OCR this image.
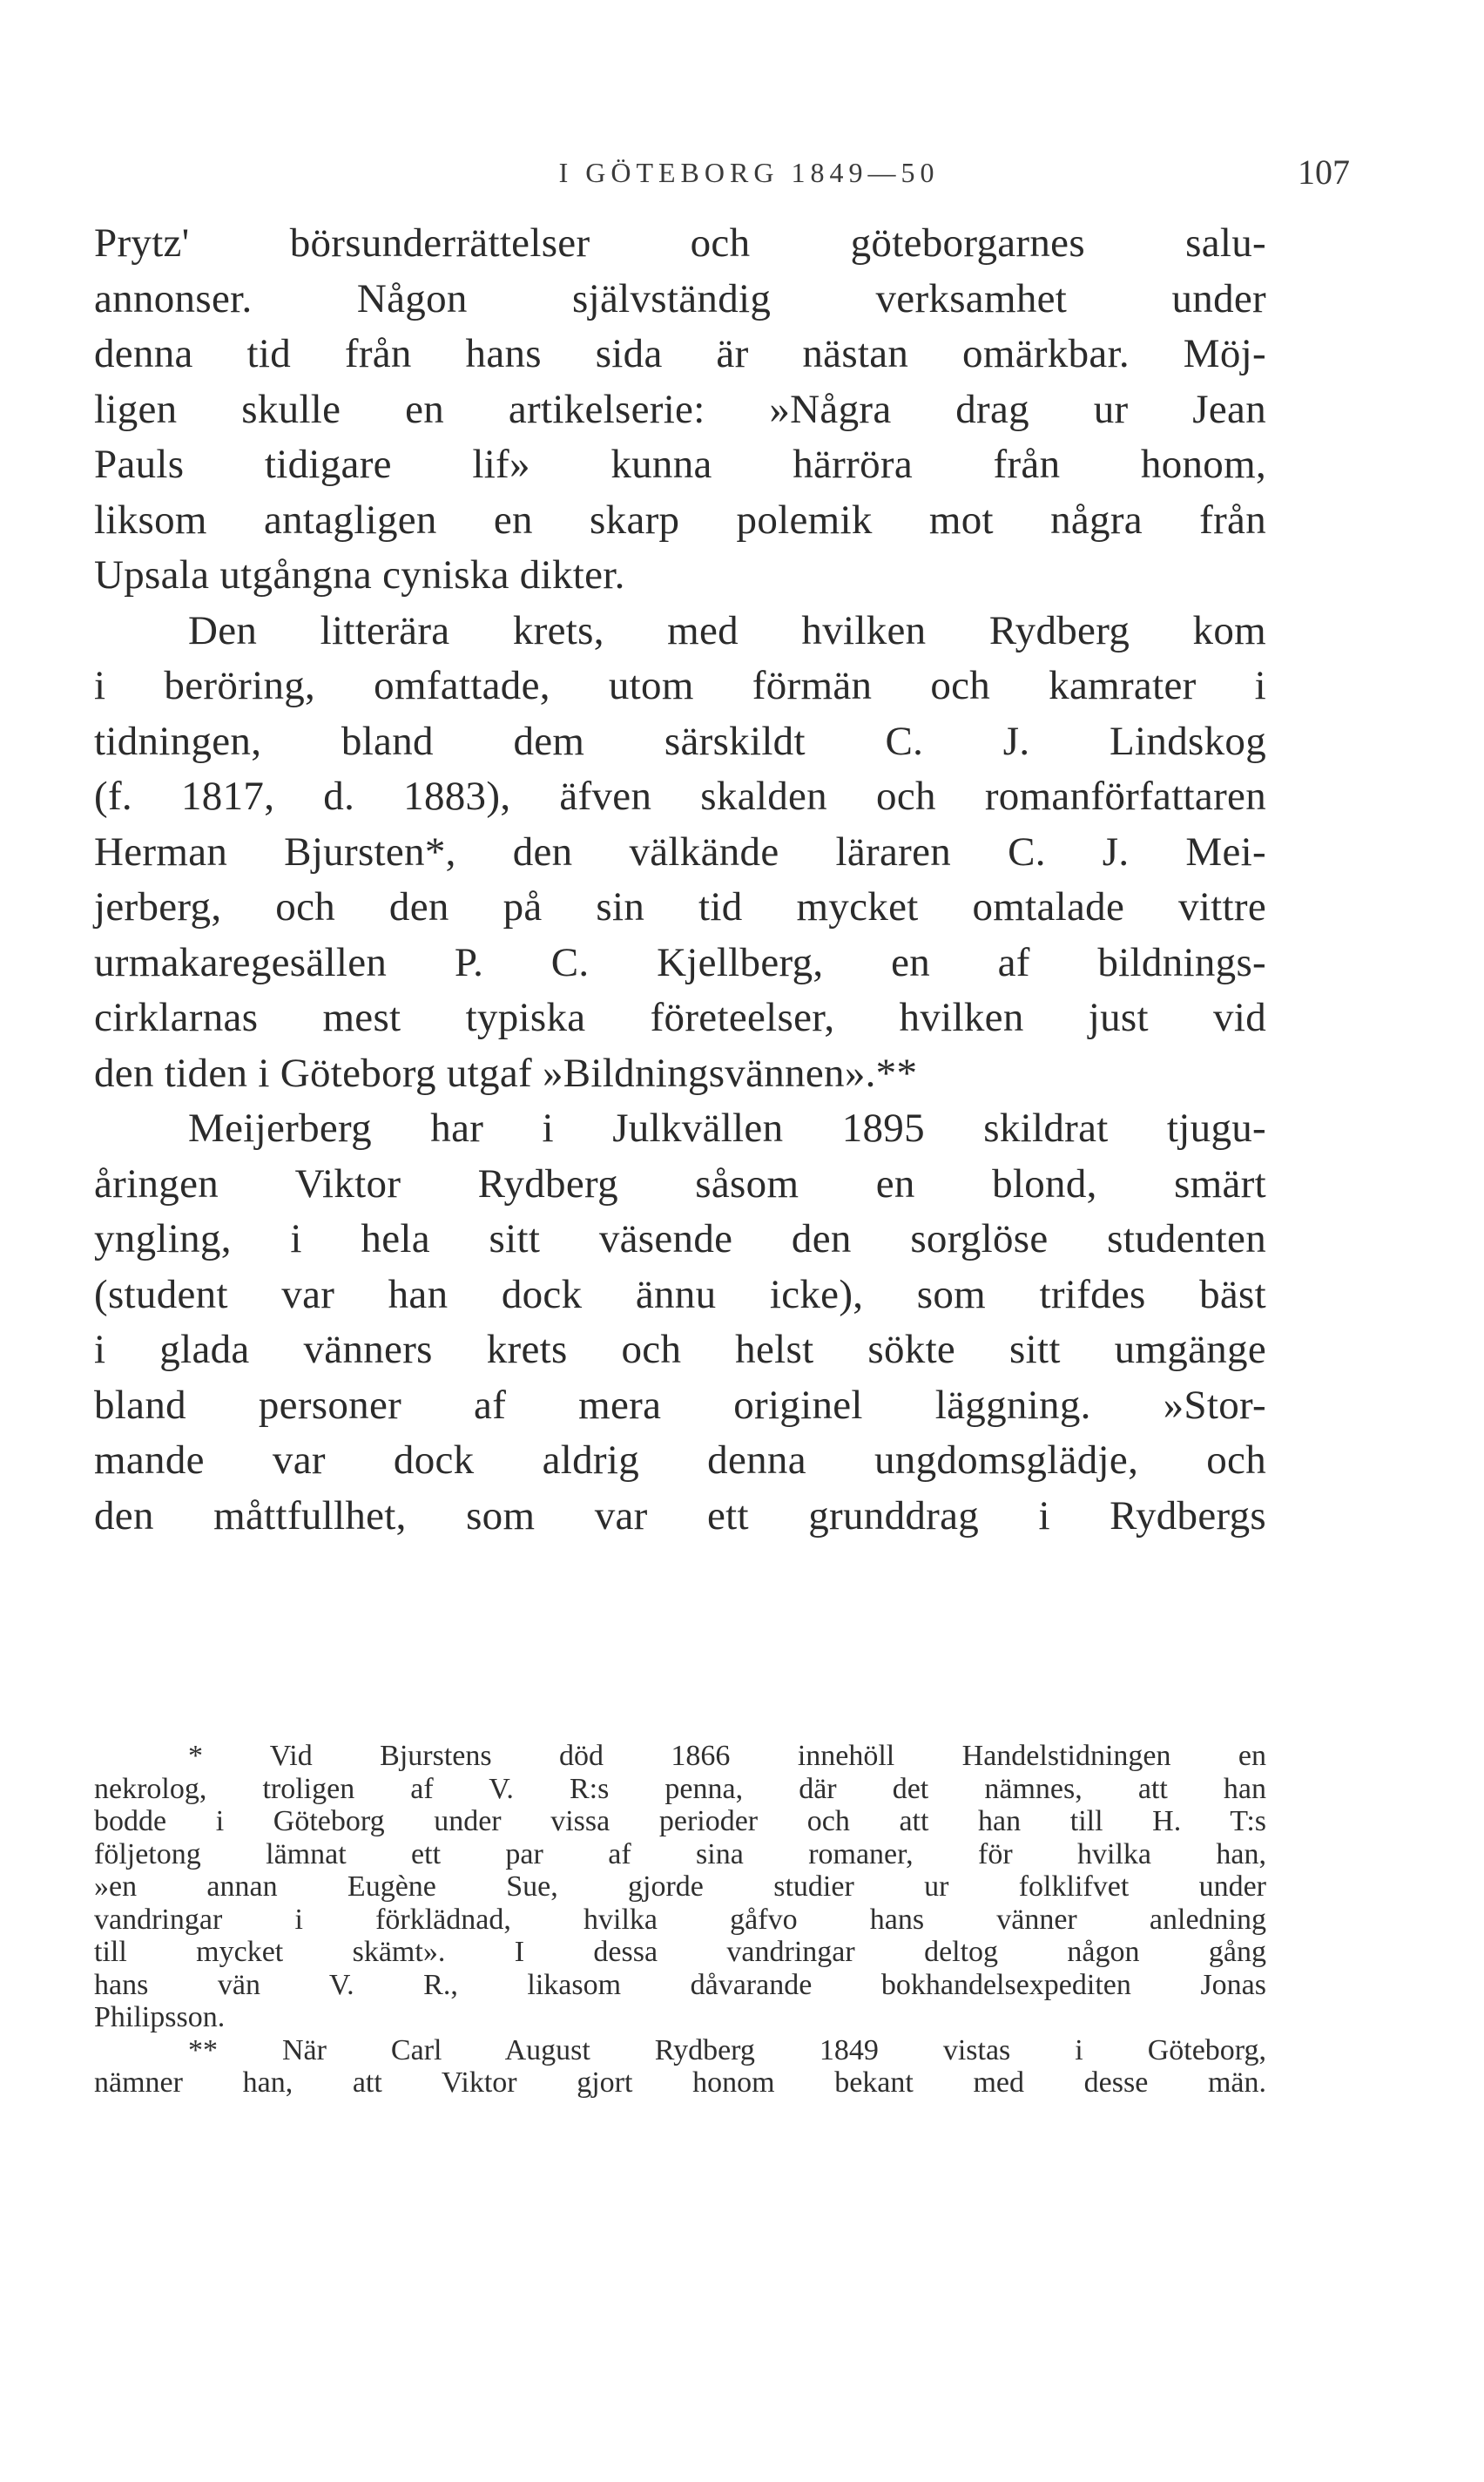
I GÖTEBORG 1849—50	107
Prytz' börsunderrättelser och göteborgarnes salu-
annonser. Någon självständig verksamhet under
denna tid från hans sida är nästan omärkbar. Möj-
ligen skulle en artikelserie: »Några drag ur Jean
Pauls tidigare lif» kunna härröra från honom,
liksom antagligen en skarp polemik mot några från
Upsala utgångna cyniska dikter.
Den litterära krets, med hvilken Rydberg kom
i beröring, omfattade, utom förmän och kamrater i
tidningen, bland dem särskildt C. J. Lindskog
(f. 1817, d. 1883), äfven skalden och romanförfattaren
Herman Bjursten*, den välkände läraren C. J. Mei-
jerberg, och den på sin tid mycket omtalade vittre
urmakaregesällen P. C. Kjellberg, en af bildnings-
cirklarnas mest typiska företeelser, hvilken just vid
den tiden i Göteborg utgaf »Bildningsvännen».**
Meijerberg har i Julkvällen 1895 skildrat tjugu-
åringen Viktor Rydberg såsom en blond, smärt
yngling, i hela sitt väsende den sorglöse studenten
(student var han dock ännu icke), som trifdes bäst
i glada vänners krets och helst sökte sitt umgänge
bland personer af mera originel läggning. »Stor-
mande var dock aldrig denna ungdomsglädje, och
den måttfullhet, som var ett grunddrag i Rydbergs
* Vid Bjurstens död 1866 innehöll Handelstidningen en
nekrolog, troligen af V. R:s penna, där det nämnes, att han
bodde i Göteborg under vissa perioder och att han till H. T:s
följetong lämnat ett par af sina romaner, för hvilka han,
»en annan Eugène Sue, gjorde studier ur folklifvet under
vandringar i förklädnad, hvilka gåfvo hans vänner anledning
till mycket skämt». I dessa vandringar deltog någon gång
hans vän V. R., likasom dåvarande bokhandelsexpediten Jonas
Philipsson.
** När Carl August Rydberg 1849 vistas i Göteborg,
nämner han, att Viktor gjort honom bekant med desse män.
